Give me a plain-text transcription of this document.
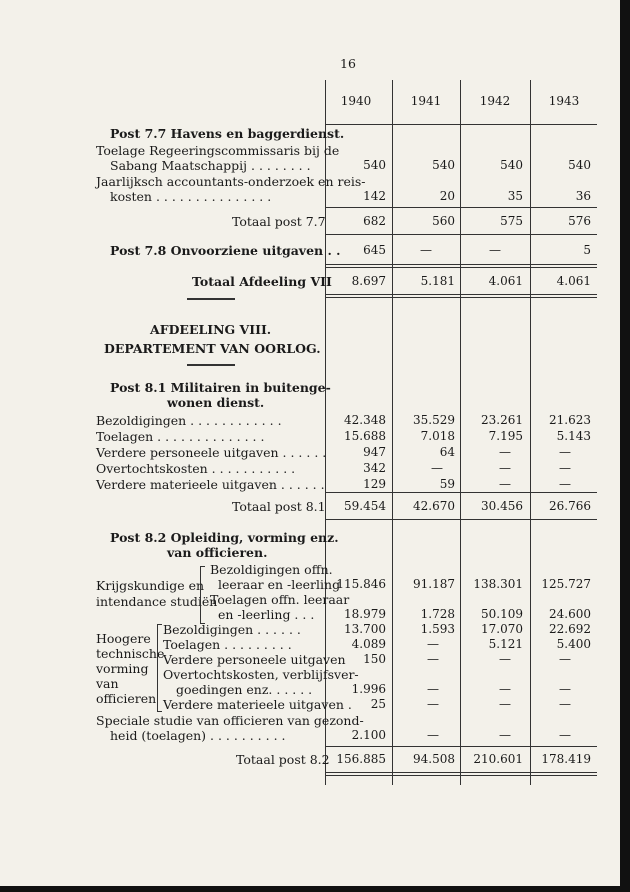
16
1940	1941	1942	1943
Post 7.7 Havens en baggerdienst.
Toelage Regeeringscommissaris bij de
Sabang Maatschappij . . . . . . . .	540	540	540	540
Jaarlijksch accountants-onderzoek en reis-
kosten . . . . . . . . . . . . . . .	142	20	35	36
Totaal post 7.7	682	560	575	576
Post 7.8 Onvoorziene uitgaven . .	645	—	—	5
Totaal Afdeeling VII	8.697	5.181	4.061	4.061
AFDEELING VIII.
DEPARTEMENT VAN OORLOG.
Post 8.1 Militairen in buitenge-
wonen dienst.
Bezoldigingen . . . . . . . . . . . .	42.348	35.529	23.261	21.623
Toelagen . . . . . . . . . . . . . .	15.688	7.018	7.195	5.143
Verdere personeele uitgaven . . . . . .	947	64	—	—
Overtochtskosten . . . . . . . . . . .	342	—	—	—
Verdere materieele uitgaven . . . . . .	129	59	—	—
Totaal post 8.1	59.454	42.670	30.456	26.766
Post 8.2 Opleiding, vorming enz.
van officieren.
Krijgskundige en
intendance studiën
Bezoldigingen offn.
leeraar en -leerling
115.846	91.187	138.301	125.727
Toelagen offn. leeraar
en -leerling . . .	18.979	1.728	50.109	24.600
Hoogere
technische
vorming
van
officieren
Bezoldigingen . . . . . .	13.700	1.593	17.070	22.692
Toelagen . . . . . . . . .	4.089	—	5.121	5.400
Verdere personeele uitgaven	150	—	—	—
Overtochtskosten, verblijfsver-
goedingen enz. . . . . .	1.996	—	—	—
Verdere materieele uitgaven .	25	—	—	—
Speciale studie van officieren van gezond-
heid (toelagen) . . . . . . . . . .	2.100	—	—	—
Totaal post 8.2 156.885	94.508	210.601	178.419
